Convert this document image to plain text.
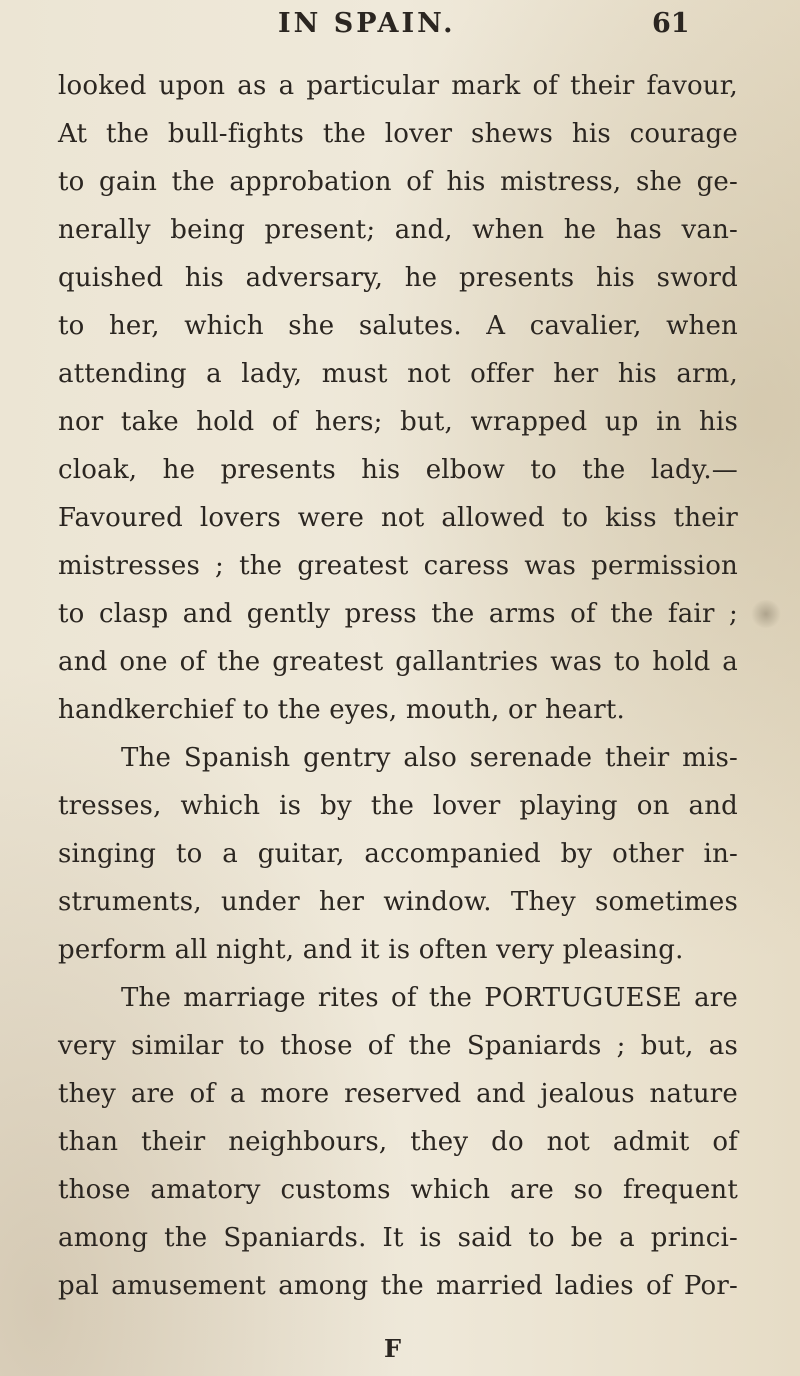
IN SPAIN.	61
looked upon as a particular mark of their favour,
At the bull-fights the lover shews his courage
to gain the approbation of his mistress, she ge-
nerally being present; and, when he has van-
quished his adversary, he presents his sword
to her, which she salutes. A cavalier, when
attending a lady, must not offer her his arm,
nor take hold of hers; but, wrapped up in his
cloak, he presents his elbow to the lady.—
Favoured lovers were not allowed to kiss their
mistresses ; the greatest caress was permission
to clasp and gently press the arms of the fair ;
and one of the greatest gallantries was to hold a
handkerchief to the eyes, mouth, or heart.
The Spanish gentry also serenade their mis-
tresses, which is by the lover playing on and
singing to a guitar, accompanied by other in-
struments, under her window. They sometimes
perform all night, and it is often very pleasing.
The marriage rites of the PORTUGUESE are
very similar to those of the Spaniards ; but, as
they are of a more reserved and jealous nature
than their neighbours, they do not admit of
those amatory customs which are so frequent
among the Spaniards. It is said to be a princi-
pal amusement among the married ladies of Por-
F
